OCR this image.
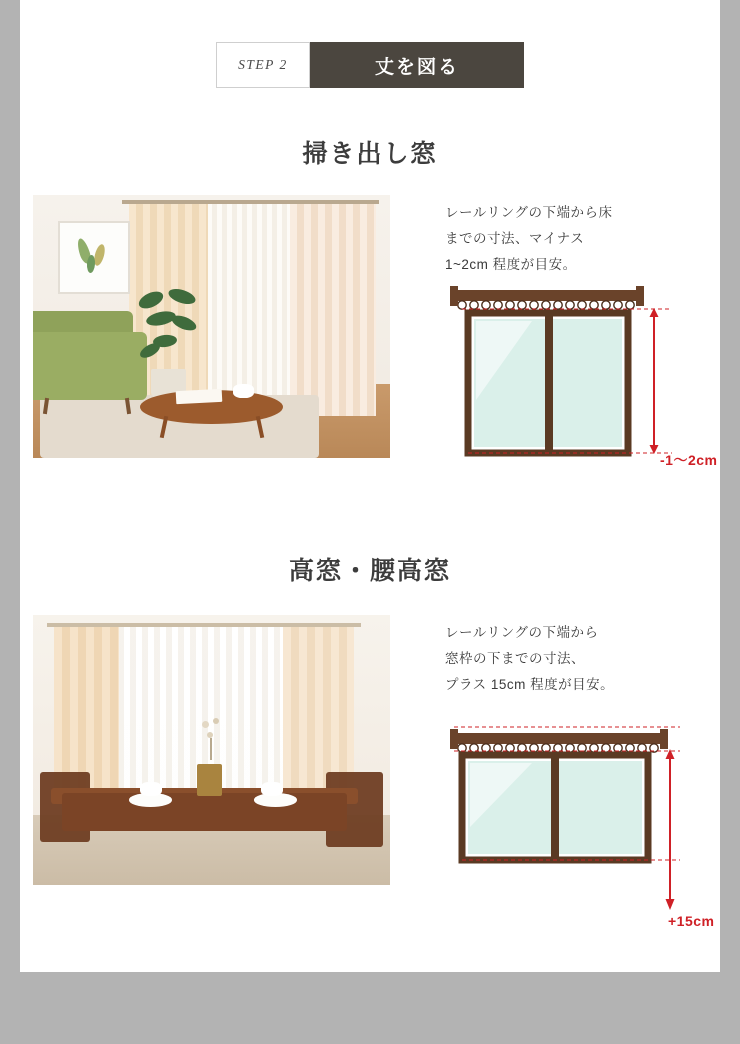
STEP 2	丈を図る
掃き出し窓
レールリングの下端から床
までの寸法、マイナス
1~2cm 程度が目安。
-1〜2cm
高窓・腰高窓
レールリングの下端から
窓枠の下までの寸法、
プラス 15cm 程度が目安。
+15cm
